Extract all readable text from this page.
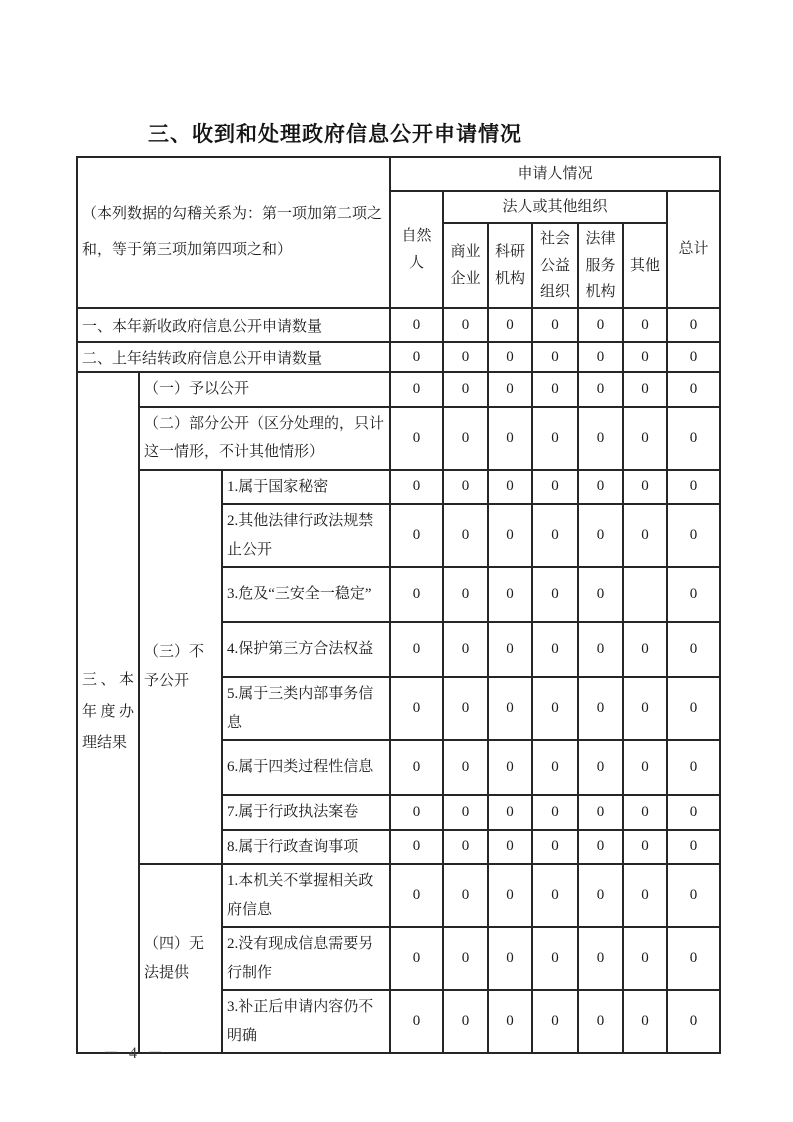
三、收到和处理政府信息公开申请情况
（本列数据的勾稽关系为：第一项加第二项之和，等于第三项加第四项之和）			申请人情况						
			自然人	法人或其他组织					总计
				商业企业	科研机构	社会公益组织	法律服务机构	其他	
一、本年新收政府信息公开申请数量			0	0	0	0	0	0	0
二、上年结转政府信息公开申请数量			0	0	0	0	0	0	0
三、本年度办理结果	（一）予以公开		0	0	0	0	0	0	0
	（二）部分公开（区分处理的，只计这一情形，不计其他情形）		0	0	0	0	0	0	0
	（三）不予公开	1.属于国家秘密	0	0	0	0	0	0	0
		2.其他法律行政法规禁止公开	0	0	0	0	0	0	0
		3.危及“三安全一稳定”	0	0	0	0	0		0
		4.保护第三方合法权益	0	0	0	0	0	0	0
		5.属于三类内部事务信息	0	0	0	0	0	0	0
		6.属于四类过程性信息	0	0	0	0	0	0	0
		7.属于行政执法案卷	0	0	0	0	0	0	0
		8.属于行政查询事项	0	0	0	0	0	0	0
	（四）无法提供	1.本机关不掌握相关政府信息	0	0	0	0	0	0	0
		2.没有现成信息需要另行制作	0	0	0	0	0	0	0
		3.补正后申请内容仍不明确	0	0	0	0	0	0	0
－ 4 －
